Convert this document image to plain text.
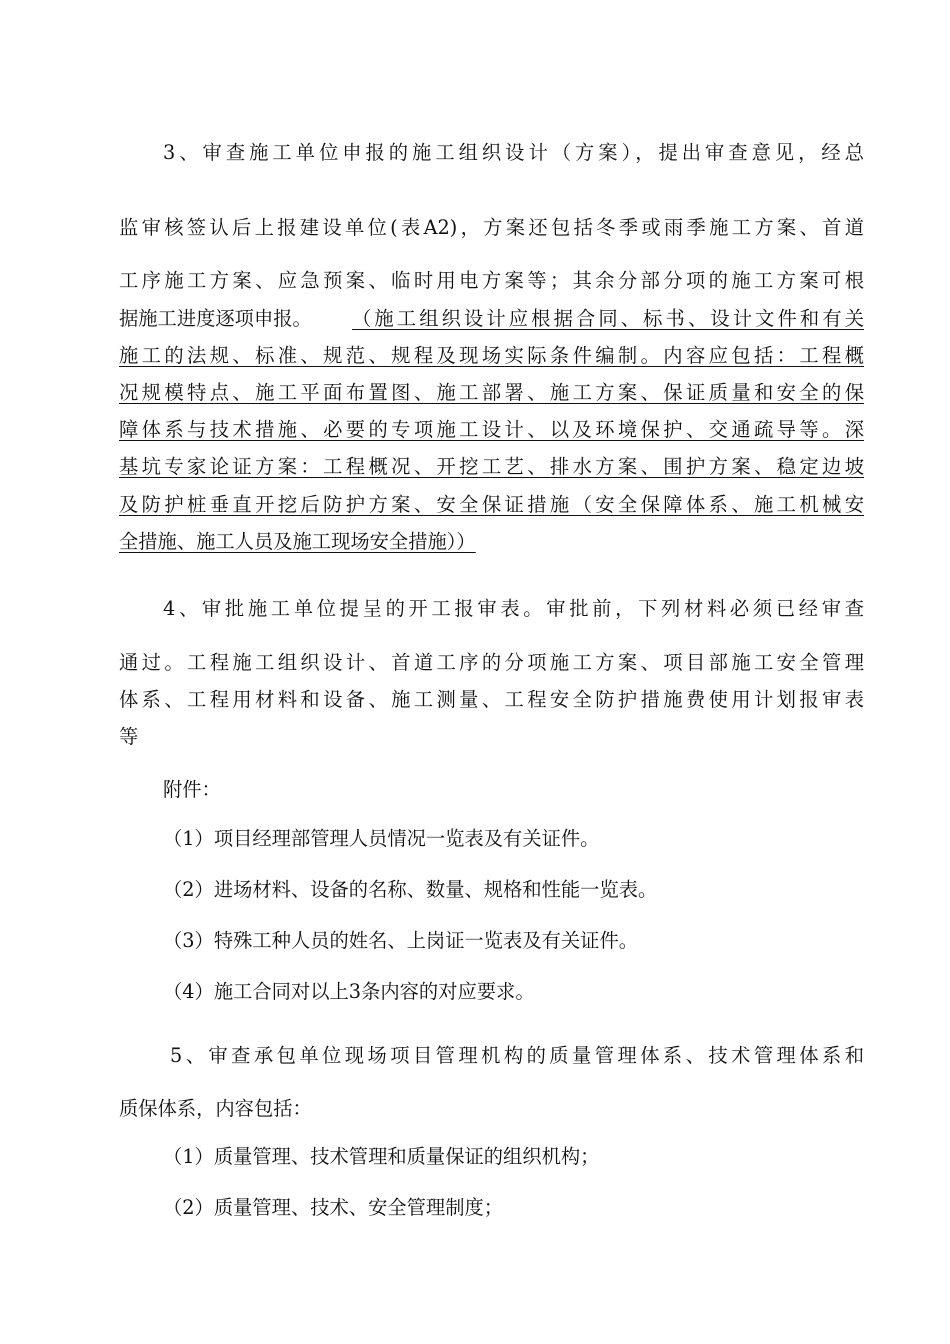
3、审查施工单位申报的施工组织设计（方案），提出审查意见，经总
监审核签认后上报建设单位(表A2)，方案还包括冬季或雨季施工方案、首道
工序施工方案、应急预案、临时用电方案等；其余分部分项的施工方案可根
据施工进度逐项申报。	（施工组织设计应根据合同、标书、设计文件和有关
施工的法规、标准、规范、规程及现场实际条件编制。内容应包括：工程概
况规模特点、施工平面布置图、施工部署、施工方案、保证质量和安全的保
障体系与技术措施、必要的专项施工设计、以及环境保护、交通疏导等。深
基坑专家论证方案：工程概况、开挖工艺、排水方案、围护方案、稳定边坡
及防护桩垂直开挖后防护方案、安全保证措施（安全保障体系、施工机械安
全措施、施工人员及施工现场安全措施））
4、审批施工单位提呈的开工报审表。审批前，下列材料必须已经审查
通过。工程施工组织设计、首道工序的分项施工方案、项目部施工安全管理
体系、工程用材料和设备、施工测量、工程安全防护措施费使用计划报审表
等
附件：
（1）项目经理部管理人员情况一览表及有关证件。
（2）进场材料、设备的名称、数量、规格和性能一览表。
（3）特殊工种人员的姓名、上岗证一览表及有关证件。
（4）施工合同对以上3条内容的对应要求。
5、审查承包单位现场项目管理机构的质量管理体系、技术管理体系和
质保体系，内容包括：
（1）质量管理、技术管理和质量保证的组织机构；
（2）质量管理、技术、安全管理制度；
